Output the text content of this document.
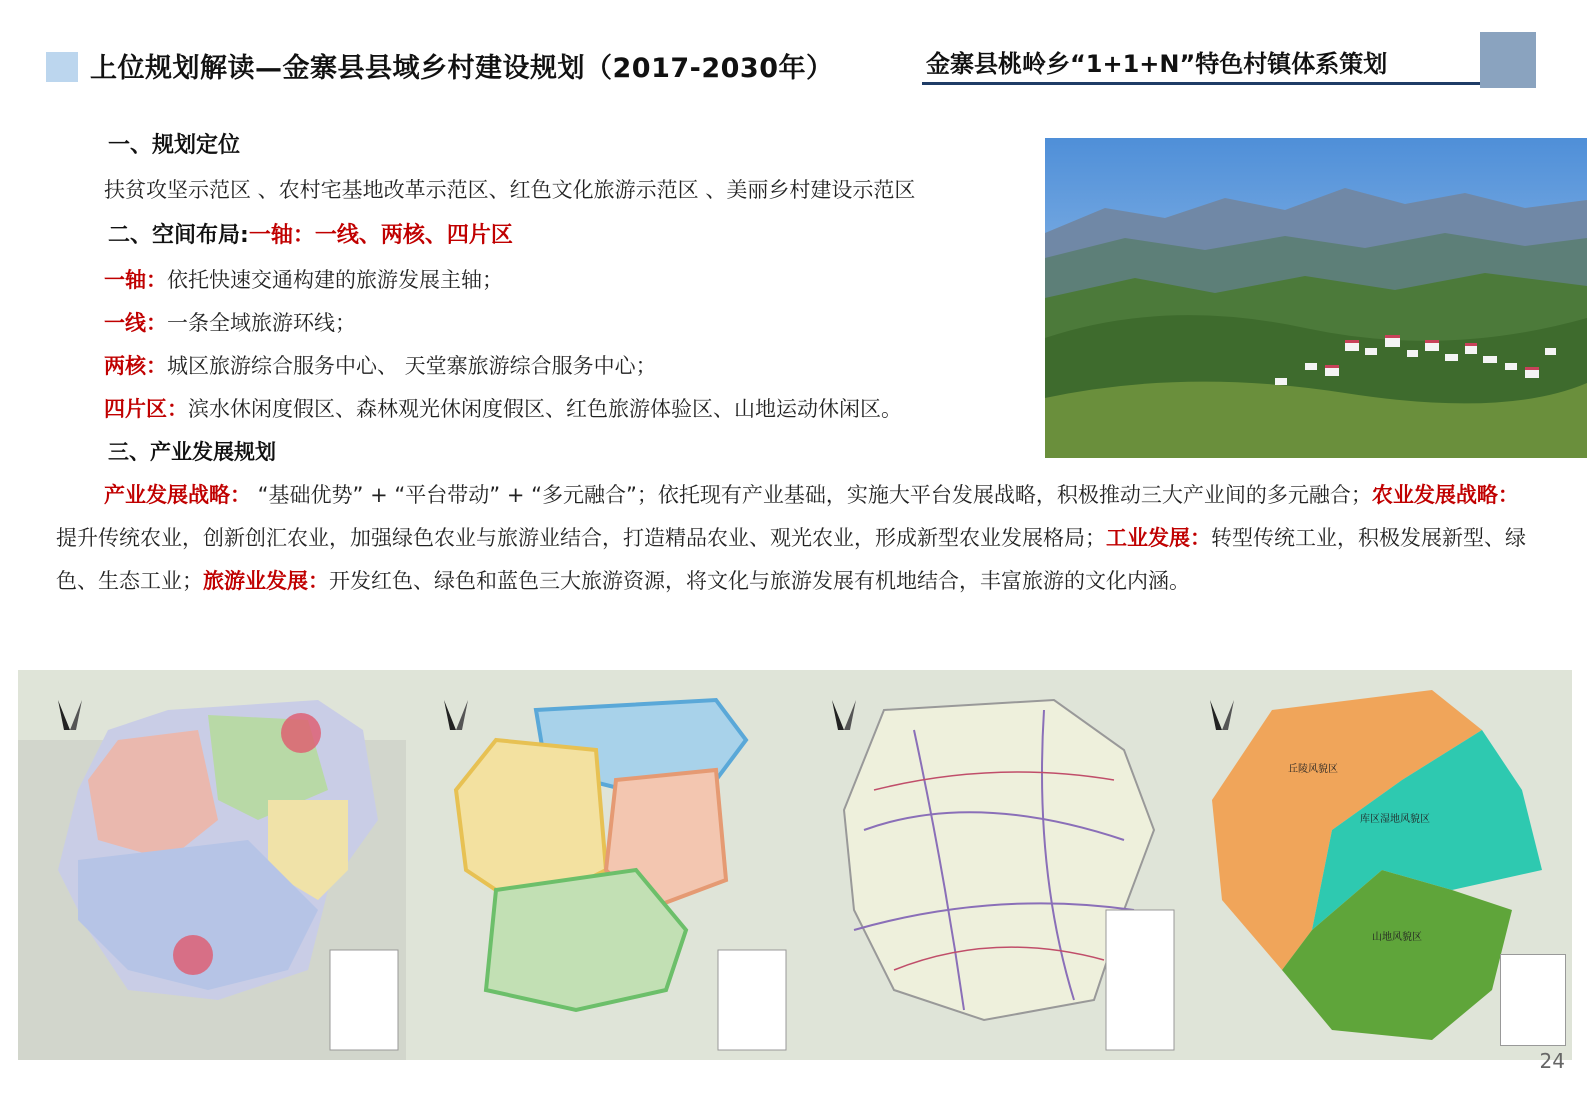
上位规划解读—金寨县县域乡村建设规划（2017-2030年）	金寨县桃岭乡“1+1+N”特色村镇体系策划
一、规划定位
扶贫攻坚示范区 、农村宅基地改革示范区、红色文化旅游示范区 、美丽乡村建设示范区
二、空间布局:一轴：一线、两核、四片区
一轴：依托快速交通构建的旅游发展主轴；
一线：一条全域旅游环线；
两核：城区旅游综合服务中心、 天堂寨旅游综合服务中心；
四片区：滨水休闲度假区、森林观光休闲度假区、红色旅游体验区、山地运动休闲区。
三、产业发展规划
产业发展战略： “基础优势” + “平台带动” + “多元融合”；依托现有产业基础，实施大平台发展战略，积极推动三大产业间的多元融合；农业发展战略：提升传统农业，创新创汇农业，加强绿色农业与旅游业结合，打造精品农业、观光农业，形成新型农业发展格局；工业发展：转型传统工业，积极发展新型、绿色、生态工业；旅游业发展：开发红色、绿色和蓝色三大旅游资源，将文化与旅游发展有机地结合，丰富旅游的文化内涵。
丘陵风貌区
库区湿地风貌区
山地风貌区
24
